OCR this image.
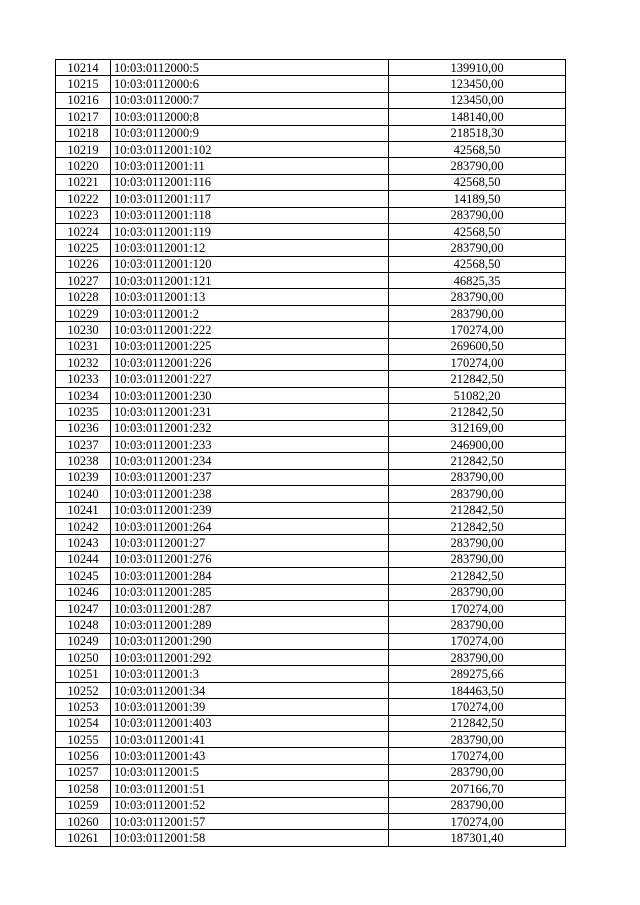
10214	10:03:0112000:5	139910,00
10215	10:03:0112000:6	123450,00
10216	10:03:0112000:7	123450,00
10217	10:03:0112000:8	148140,00
10218	10:03:0112000:9	218518,30
10219	10:03:0112001:102	42568,50
10220	10:03:0112001:11	283790,00
10221	10:03:0112001:116	42568,50
10222	10:03:0112001:117	14189,50
10223	10:03:0112001:118	283790,00
10224	10:03:0112001:119	42568,50
10225	10:03:0112001:12	283790,00
10226	10:03:0112001:120	42568,50
10227	10:03:0112001:121	46825,35
10228	10:03:0112001:13	283790,00
10229	10:03:0112001:2	283790,00
10230	10:03:0112001:222	170274,00
10231	10:03:0112001:225	269600,50
10232	10:03:0112001:226	170274,00
10233	10:03:0112001:227	212842,50
10234	10:03:0112001:230	51082,20
10235	10:03:0112001:231	212842,50
10236	10:03:0112001:232	312169,00
10237	10:03:0112001:233	246900,00
10238	10:03:0112001:234	212842,50
10239	10:03:0112001:237	283790,00
10240	10:03:0112001:238	283790,00
10241	10:03:0112001:239	212842,50
10242	10:03:0112001:264	212842,50
10243	10:03:0112001:27	283790,00
10244	10:03:0112001:276	283790,00
10245	10:03:0112001:284	212842,50
10246	10:03:0112001:285	283790,00
10247	10:03:0112001:287	170274,00
10248	10:03:0112001:289	283790,00
10249	10:03:0112001:290	170274,00
10250	10:03:0112001:292	283790,00
10251	10:03:0112001:3	289275,66
10252	10:03:0112001:34	184463,50
10253	10:03:0112001:39	170274,00
10254	10:03:0112001:403	212842,50
10255	10:03:0112001:41	283790,00
10256	10:03:0112001:43	170274,00
10257	10:03:0112001:5	283790,00
10258	10:03:0112001:51	207166,70
10259	10:03:0112001:52	283790,00
10260	10:03:0112001:57	170274,00
10261	10:03:0112001:58	187301,40
